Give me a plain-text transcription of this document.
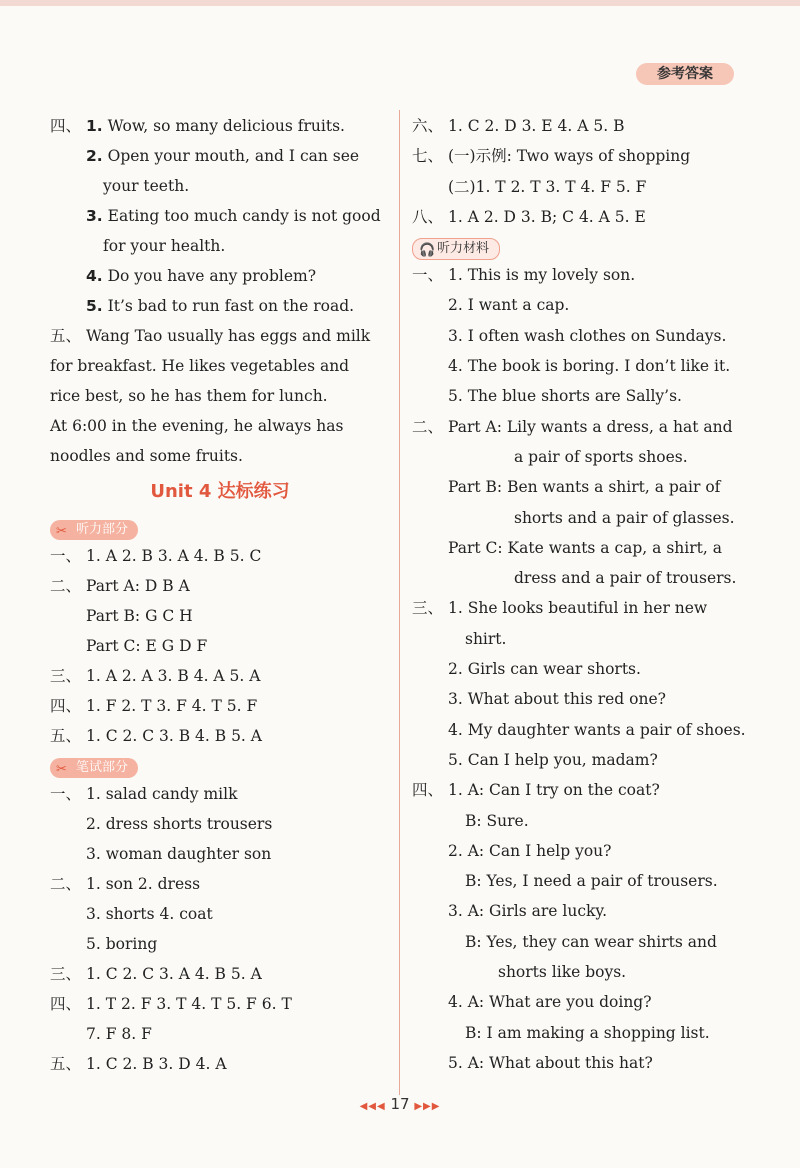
参考答案
四、 1. Wow, so many delicious fruits.
2. Open your mouth, and I can see
your teeth.
3. Eating too much candy is not good
for your health.
4. Do you have any problem?
5. It’s bad to run fast on the road.
五、 Wang Tao usually has eggs and milk
for breakfast. He likes vegetables and
rice best, so he has them for lunch.
At 6:00 in the evening, he always has
noodles and some fruits.
Unit 4 达标练习
✂ 听力部分
一、 1. A 2. B 3. A 4. B 5. C
二、 Part A: D B A
Part B: G C H
Part C: E G D F
三、 1. A 2. A 3. B 4. A 5. A
四、 1. F 2. T 3. F 4. T 5. F
五、 1. C 2. C 3. B 4. B 5. A
✂ 笔试部分
一、 1. salad candy milk
2. dress shorts trousers
3. woman daughter son
二、 1. son 2. dress
3. shorts 4. coat
5. boring
三、 1. C 2. C 3. A 4. B 5. A
四、 1. T 2. F 3. T 4. T 5. F 6. T
7. F 8. F
五、 1. C 2. B 3. D 4. A
六、 1. C 2. D 3. E 4. A 5. B
七、 (一)示例: Two ways of shopping
(二)1. T 2. T 3. T 4. F 5. F
八、 1. A 2. D 3. B; C 4. A 5. E
🎧 听力材料
一、 1. This is my lovely son.
2. I want a cap.
3. I often wash clothes on Sundays.
4. The book is boring. I don’t like it.
5. The blue shorts are Sally’s.
二、 Part A: Lily wants a dress, a hat and
a pair of sports shoes.
Part B: Ben wants a shirt, a pair of
shorts and a pair of glasses.
Part C: Kate wants a cap, a shirt, a
dress and a pair of trousers.
三、 1. She looks beautiful in her new
shirt.
2. Girls can wear shorts.
3. What about this red one?
4. My daughter wants a pair of shoes.
5. Can I help you, madam?
四、 1. A: Can I try on the coat?
B: Sure.
2. A: Can I help you?
B: Yes, I need a pair of trousers.
3. A: Girls are lucky.
B: Yes, they can wear shirts and
shorts like boys.
4. A: What are you doing?
B: I am making a shopping list.
5. A: What about this hat?
◀◀◀ 17 ▶▶▶
